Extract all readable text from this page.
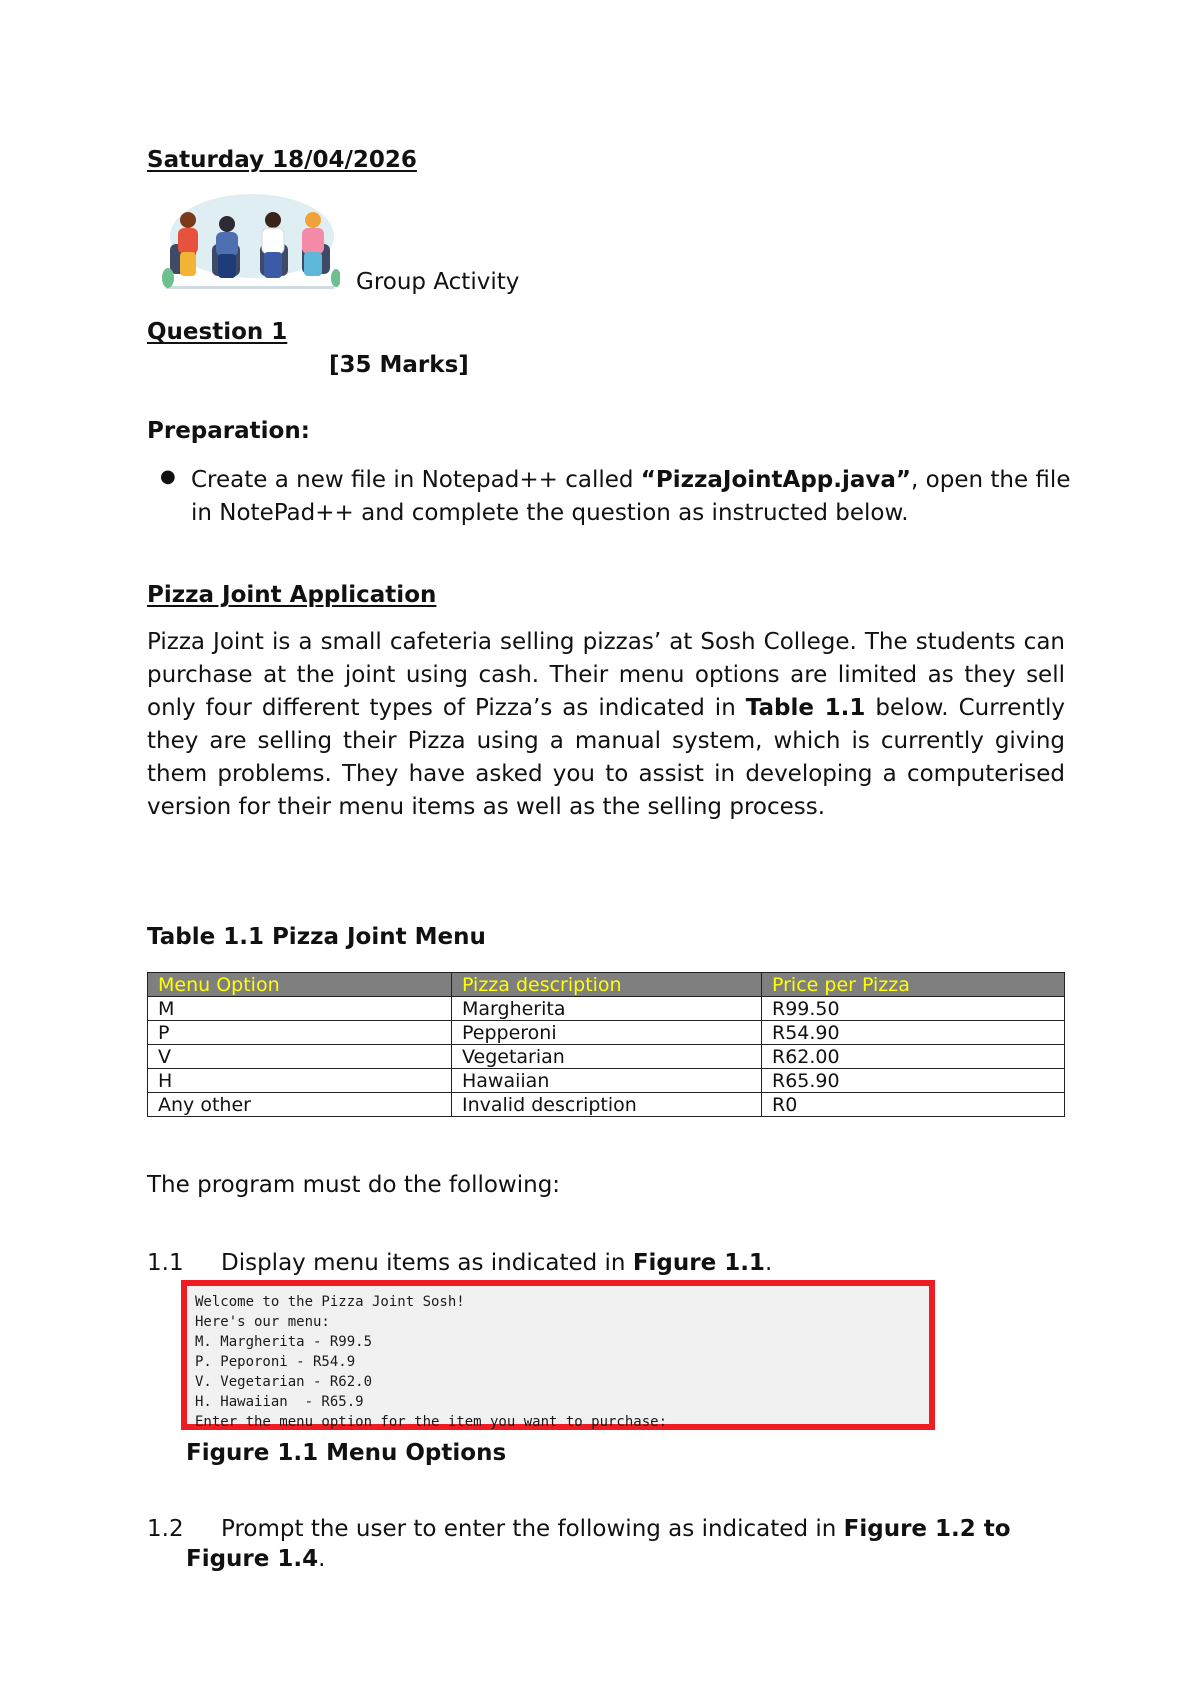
Saturday 18/04/2026
Group Activity
Question 1
[35 Marks]
Preparation:
● Create a new file in Notepad++ called “PizzaJointApp.java”, open the file in NotePad++ and complete the question as instructed below.
Pizza Joint Application
Pizza Joint is a small cafeteria selling pizzas’ at Sosh College. The students can purchase at the joint using cash. Their menu options are limited as they sell only four different types of Pizza’s as indicated in Table 1.1 below. Currently they are selling their Pizza using a manual system, which is currently giving them problems. They have asked you to assist in developing a computerised version for their menu items as well as the selling process.
Table 1.1 Pizza Joint Menu
Menu Option	Pizza description	Price per Pizza
M	Margherita	R99.50
P	Pepperoni	R54.90
V	Vegetarian	R62.00
H	Hawaiian	R65.90
Any other	Invalid description	R0
The program must do the following:
1.1 Display menu items as indicated in Figure 1.1.
Welcome to the Pizza Joint Sosh!
Here's our menu:
M. Margherita - R99.5
P. Peporoni - R54.9
V. Vegetarian - R62.0
H. Hawaiian  - R65.9
Enter the menu option for the item you want to purchase:
Figure 1.1 Menu Options
1.2 Prompt the user to enter the following as indicated in Figure 1.2 to
Figure 1.4.
